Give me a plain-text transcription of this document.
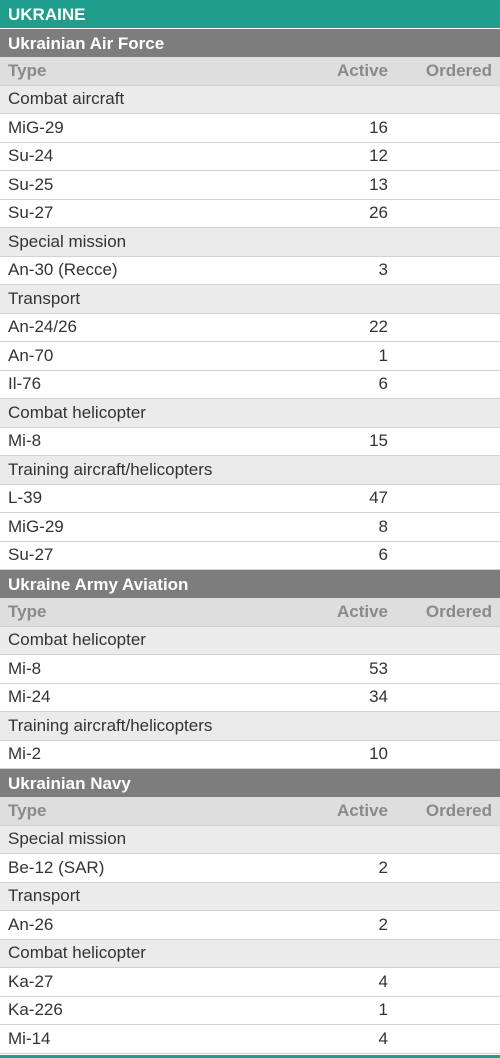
UKRAINE
Ukrainian Air Force
Type	Active	Ordered
Combat aircraft
MiG-29	16
Su-24	12
Su-25	13
Su-27	26
Special mission
An-30 (Recce)	3
Transport
An-24/26	22
An-70	1
Il-76	6
Combat helicopter
Mi-8	15
Training aircraft/helicopters
L-39	47
MiG-29	8
Su-27	6
Ukraine Army Aviation
Type	Active	Ordered
Combat helicopter
Mi-8	53
Mi-24	34
Training aircraft/helicopters
Mi-2	10
Ukrainian Navy
Type	Active	Ordered
Special mission
Be-12 (SAR)	2
Transport
An-26	2
Combat helicopter
Ka-27	4
Ka-226	1
Mi-14	4
